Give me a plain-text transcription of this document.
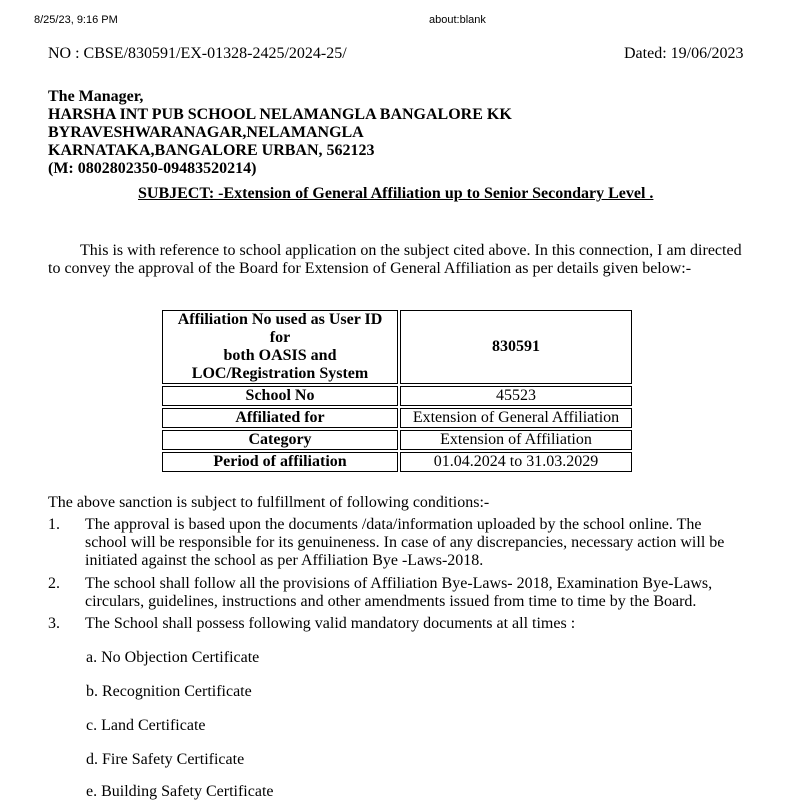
8/25/23, 9:16 PM	about:blank
NO : CBSE/830591/EX-01328-2425/2024-25/	Dated: 19/06/2023
The Manager,
HARSHA INT PUB SCHOOL NELAMANGLA BANGALORE KK
BYRAVESHWARANAGAR,NELAMANGLA
KARNATAKA,BANGALORE URBAN, 562123
(M: 0802802350-09483520214)
SUBJECT: -Extension of General Affiliation up to Senior Secondary Level .
This is with reference to school application on the subject cited above. In this connection, I am directed
to convey the approval of the Board for Extension of General Affiliation as per details given below:-
Affiliation No used as User ID for
both OASIS and
LOC/Registration System	830591
School No	45523
Affiliated for	Extension of General Affiliation
Category	Extension of Affiliation
Period of affiliation	01.04.2024 to 31.03.2029
The above sanction is subject to fulfillment of following conditions:-
1. The approval is based upon the documents /data/information uploaded by the school online. The
school will be responsible for its genuineness. In case of any discrepancies, necessary action will be
initiated against the school as per Affiliation Bye -Laws-2018.
2. The school shall follow all the provisions of Affiliation Bye-Laws- 2018, Examination Bye-Laws,
circulars, guidelines, instructions and other amendments issued from time to time by the Board.
3. The School shall possess following valid mandatory documents at all times :
a. No Objection Certificate
b. Recognition Certificate
c. Land Certificate
d. Fire Safety Certificate
e. Building Safety Certificate
